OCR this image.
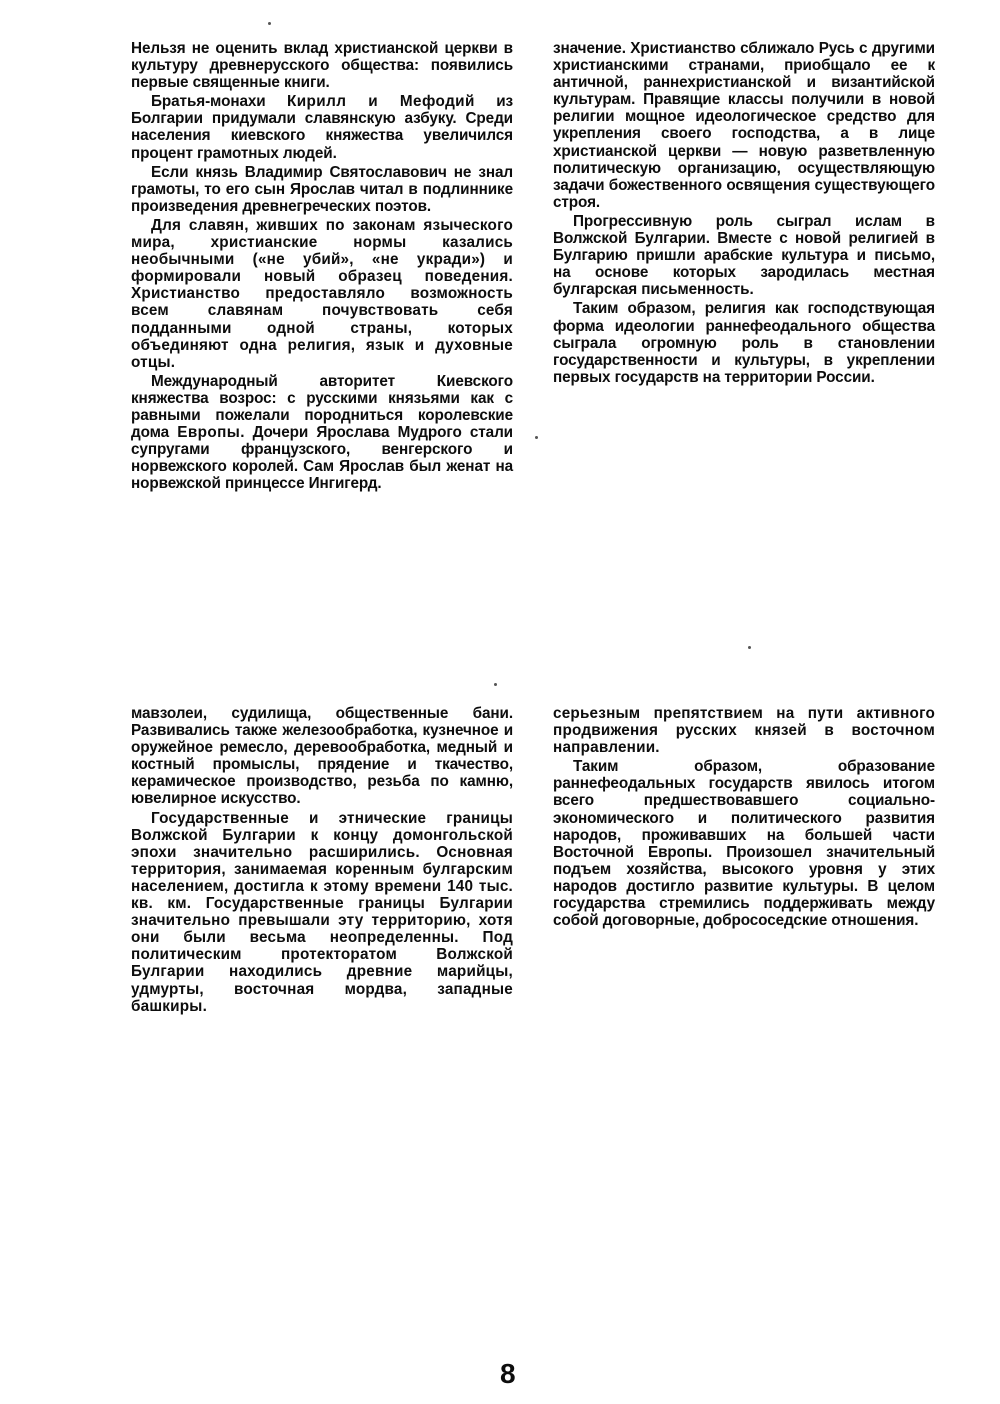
Нельзя не оценить вклад христианской церкви в культуру древнерусского общества: появились первые священные книги.

Братья-монахи Кирилл и Мефодий из Болгарии придумали славянскую азбуку. Среди населения киевского княжества увеличился процент грамотных людей.

Если князь Владимир Святославович не знал грамоты, то его сын Ярослав читал в подлиннике произведения древнегреческих поэтов.

Для славян, живших по законам языческого мира, христианские нормы казались необычными («не убий», «не укради») и формировали новый образец поведения. Христианство предоставляло возможность всем славянам почувствовать себя подданными одной страны, которых объединяют одна религия, язык и духовные отцы.

Международный авторитет Киевского княжества возрос: с русскими князьями как с равными пожелали породниться королевские дома Европы. Дочери Ярослава Мудрого стали супругами французского, венгерского и норвежского королей. Сам Ярослав был женат на норвежской принцессе Ингигерд.

значение. Христианство сближало Русь с другими христианскими странами, приобщало ее к античной, раннехристианской и византийской культурам. Правящие классы получили в новой религии мощное идеологическое средство для укрепления своего господства, а в лице христианской церкви — новую разветвленную политическую организацию, осуществляющую задачи божественного освящения существующего строя.

Прогрессивную роль сыграл ислам в Волжской Булгарии. Вместе с новой религией в Булгарию пришли арабские культура и письмо, на основе которых зародилась местная булгарская письменность.

Таким образом, религия как господствующая форма идеологии раннефеодального общества сыграла огромную роль в становлении государственности и культуры, в укреплении первых государств на территории России.

мавзолеи, судилища, общественные бани. Развивались также железообработка, кузнечное и оружейное ремесло, деревообработка, медный и костный промыслы, прядение и ткачество, керамическое производство, резьба по камню, ювелирное искусство.

Государственные и этнические границы Волжской Булгарии к концу домонгольской эпохи значительно расширились. Основная территория, занимаемая коренным булгарским населением, достигла к этому времени 140 тыс. кв. км. Государственные границы Булгарии значительно превышали эту территорию, хотя они были весьма неопределенны. Под политическим протекторатом Волжской Булгарии находились древние марийцы, удмурты, восточная мордва, западные башкиры.

серьезным препятствием на пути активного продвижения русских князей в восточном направлении.

Таким образом, образование раннефеодальных государств явилось итогом всего предшествовавшего социально-экономического и политического развития народов, проживавших на большей части Восточной Европы. Произошел значительный подъем хозяйства, высокого уровня у этих народов достигло развитие культуры. В целом государства стремились поддерживать между собой договорные, добрососедские отношения.

8
